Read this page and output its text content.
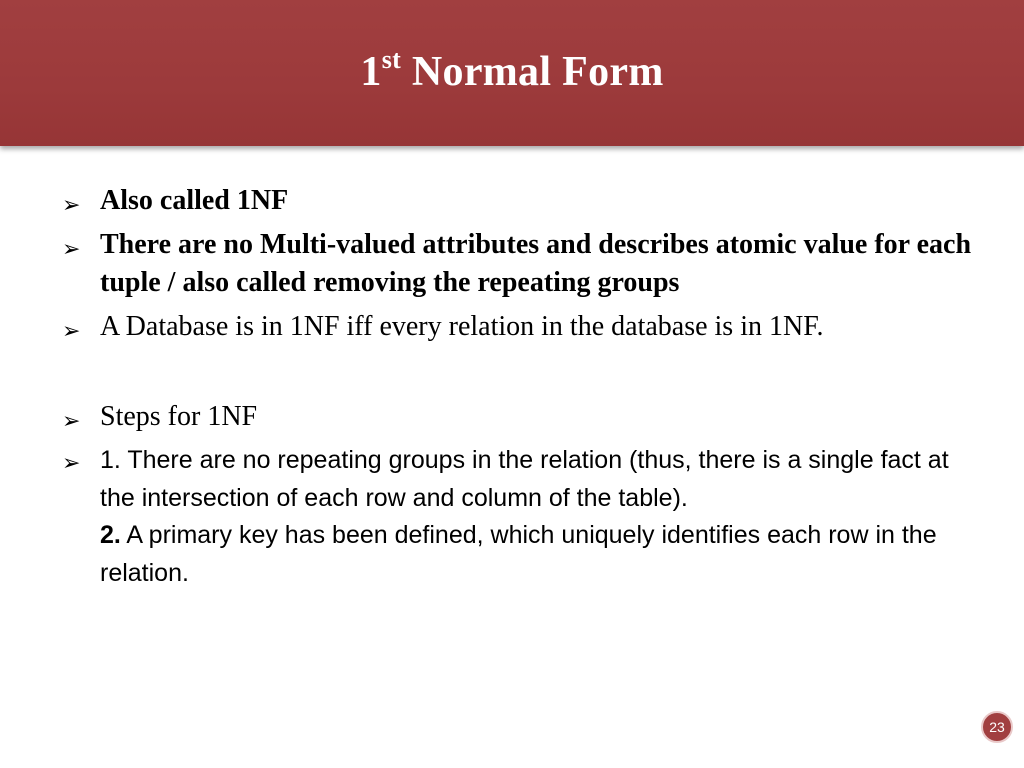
1st Normal Form
➢ Also called 1NF
➢ There are no Multi-valued attributes and describes atomic value for each tuple / also called removing the repeating groups
➢ A Database is in 1NF iff every relation in the database is in 1NF.
➢ Steps for 1NF
➢ 1. There are no repeating groups in the relation (thus, there is a single fact at the intersection of each row and column of the table).
2. A primary key has been defined, which uniquely identifies each row in the relation.
23
